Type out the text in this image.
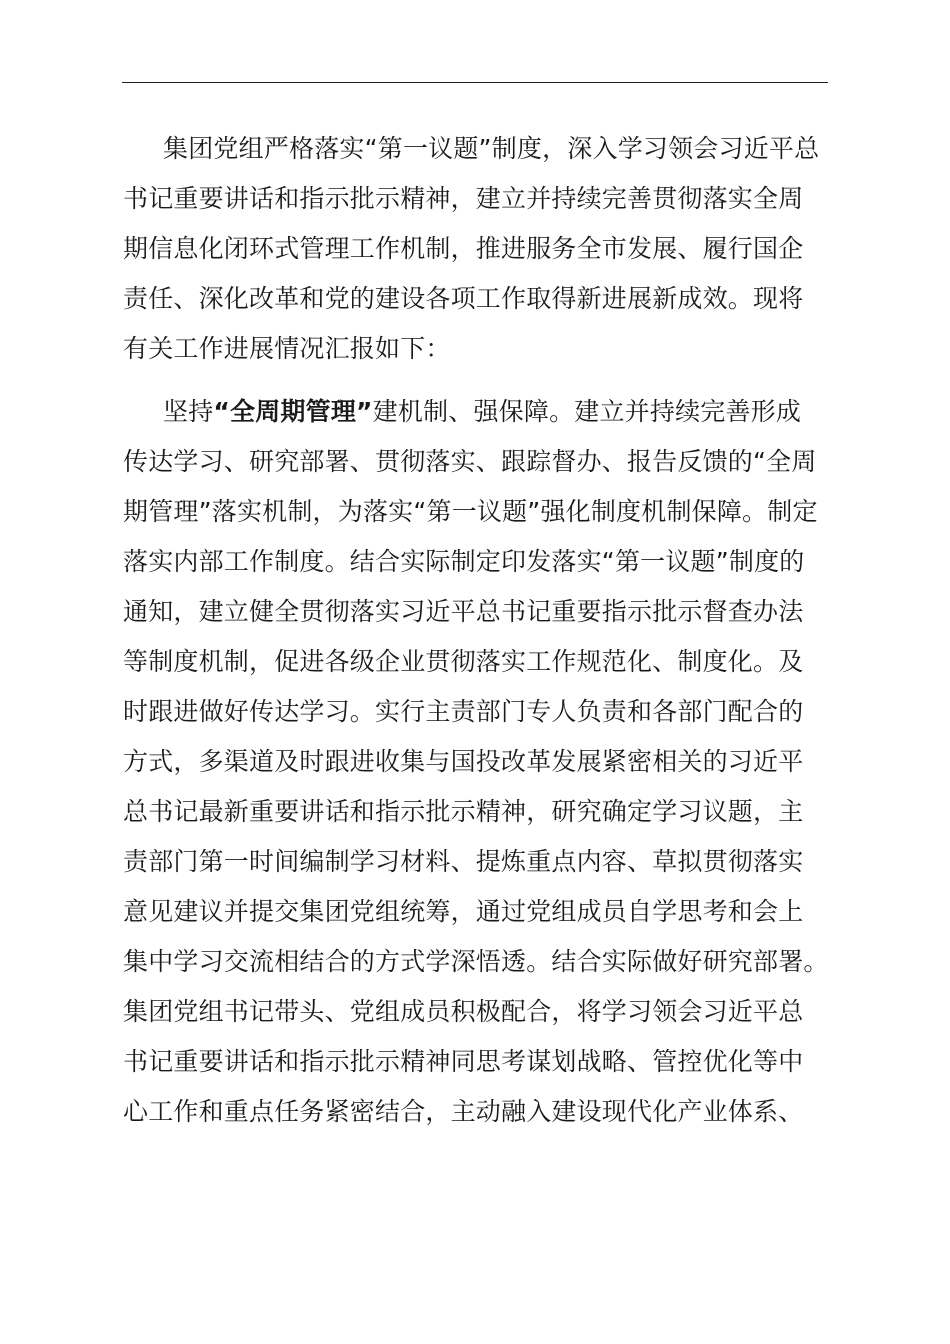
集团党组严格落实“第一议题”制度，深入学习领会习近平总
书记重要讲话和指示批示精神，建立并持续完善贯彻落实全周
期信息化闭环式管理工作机制，推进服务全市发展、履行国企
责任、深化改革和党的建设各项工作取得新进展新成效。现将
有关工作进展情况汇报如下：
坚持“全周期管理”建机制、强保障。建立并持续完善形成
传达学习、研究部署、贯彻落实、跟踪督办、报告反馈的“全周
期管理”落实机制，为落实“第一议题”强化制度机制保障。制定
落实内部工作制度。结合实际制定印发落实“第一议题”制度的
通知，建立健全贯彻落实习近平总书记重要指示批示督查办法
等制度机制，促进各级企业贯彻落实工作规范化、制度化。及
时跟进做好传达学习。实行主责部门专人负责和各部门配合的
方式，多渠道及时跟进收集与国投改革发展紧密相关的习近平
总书记最新重要讲话和指示批示精神，研究确定学习议题，主
责部门第一时间编制学习材料、提炼重点内容、草拟贯彻落实
意见建议并提交集团党组统筹，通过党组成员自学思考和会上
集中学习交流相结合的方式学深悟透。结合实际做好研究部署。
集团党组书记带头、党组成员积极配合，将学习领会习近平总
书记重要讲话和指示批示精神同思考谋划战略、管控优化等中
心工作和重点任务紧密结合，主动融入建设现代化产业体系、
